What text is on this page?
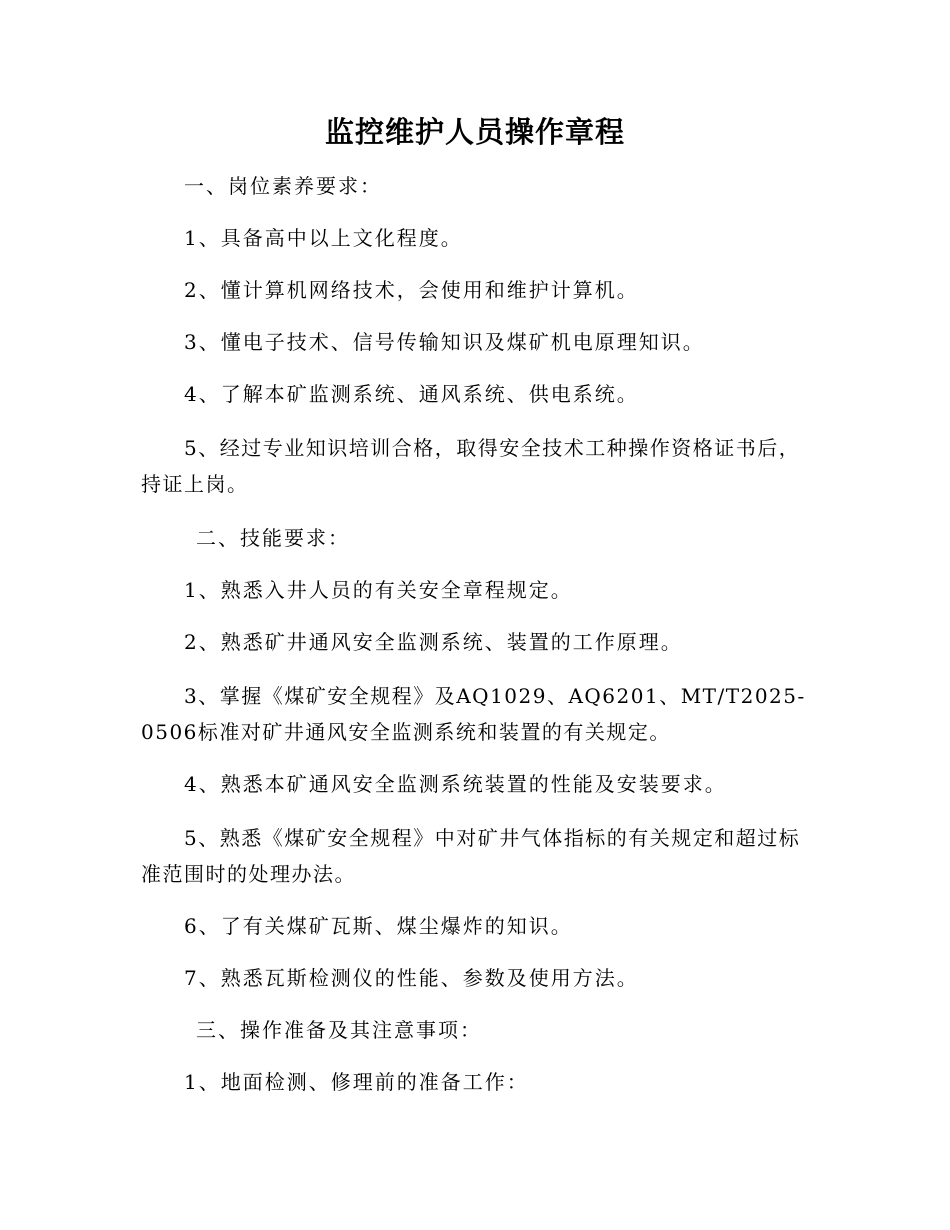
监控维护人员操作章程
一、岗位素养要求：
1、具备高中以上文化程度。
2、懂计算机网络技术，会使用和维护计算机。
3、懂电子技术、信号传输知识及煤矿机电原理知识。
4、了解本矿监测系统、通风系统、供电系统。
5、经过专业知识培训合格，取得安全技术工种操作资格证书后，持证上岗。
二、技能要求：
1、熟悉入井人员的有关安全章程规定。
2、熟悉矿井通风安全监测系统、装置的工作原理。
3、掌握《煤矿安全规程》及AQ1029、AQ6201、MT/T2025-0506标准对矿井通风安全监测系统和装置的有关规定。
4、熟悉本矿通风安全监测系统装置的性能及安装要求。
5、熟悉《煤矿安全规程》中对矿井气体指标的有关规定和超过标准范围时的处理办法。
6、了有关煤矿瓦斯、煤尘爆炸的知识。
7、熟悉瓦斯检测仪的性能、参数及使用方法。
三、操作准备及其注意事项：
1、地面检测、修理前的准备工作：
